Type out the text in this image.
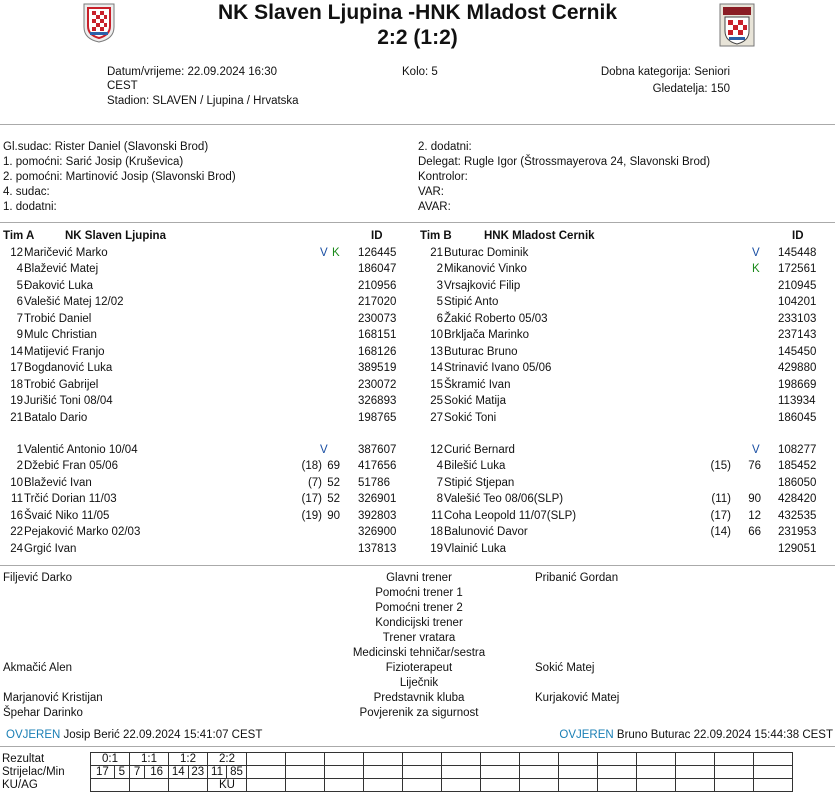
NK Slaven Ljupina -HNK Mladost Cernik
2:2 (1:2)
Datum/vrijeme: 22.09.2024 16:30
CEST
Stadion: SLAVEN / Ljupina / Hrvatska
Kolo: 5	Dobna kategorija: Seniori
Gledatelja: 150
Gl.sudac: Rister Daniel (Slavonski Brod)
1. pomoćni: Sarić Josip (Kruševica)
2. pomoćni: Martinović Josip (Slavonski Brod)
4. sudac:
1. dodatni:
2. dodatni:
Delegat: Rugle Igor (Štrossmayerova 24, Slavonski Brod)
Kontrolor:
VAR:
AVAR:
Tim A	NK Slaven Ljupina	ID	Tim B	HNK Mladost Cernik	ID
12 Maričević Marko	V K 126445
4 Blažević Matej	186047
5 Đaković Luka	210956
6 Valešić Matej 12/02	217020
7 Trobić Daniel	230073
9 Mulc Christian	168151
14 Matijević Franjo	168126
17 Bogdanović Luka	389519
18 Trobić Gabrijel	230072
19 Jurišić Toni 08/04	326893
21 Batalo Dario	198765
1 Valentić Antonio 10/04	V	387607
2 Džebić Fran 05/06	(18) 69 417656
10 Blažević Ivan	(7) 52 51786
11 Trčić Dorian 11/03	(17) 52 326901
16 Švaić Niko 11/05	(19) 90 392803
22 Pejaković Marko 02/03	326900
24 Grgić Ivan	137813
21 Buturac Dominik	V 145448
2 Mikanović Vinko	K 172561
3 Vrsajković Filip	210945
5 Stipić Anto	104201
6 Žakić Roberto 05/03	233103
10 Brkljača Marinko	237143
13 Buturac Bruno	145450
14 Strinavić Ivano 05/06	429880
15 Škramić Ivan	198669
25 Sokić Matija	113934
27 Sokić Toni	186045
12 Curić Bernard	V 108277
4 Bilešić Luka	(15)	76 185452
7 Stipić Stjepan	186050
8 Valešić Teo 08/06(SLP)	(11)	90 428420
11 Coha Leopold 11/07(SLP)	(17)	12 432535
18 Balunović Davor	(14)	66 231953
19 Vlainić Luka	129051
Filjević Darko	Glavni trener	Pribanić Gordan
Pomoćni trener 1
Pomoćni trener 2
Kondicijski trener
Trener vratara
Medicinski tehničar/sestra
Akmačić Alen	Fizioterapeut	Sokić Matej
Liječnik
Marjanović Kristijan	Predstavnik kluba	Kurjaković Matej
Špehar Darinko	Povjerenik za sigurnost
OVJEREN Josip Berić 22.09.2024 15:41:07 CEST	OVJEREN Bruno Buturac 22.09.2024 15:44:38 CEST
Rezultat	0:1		1:1		1:2		2:2															
Strijelac/Min	17	5	7	16	14	23	11	85														
KU/AG							KU															
